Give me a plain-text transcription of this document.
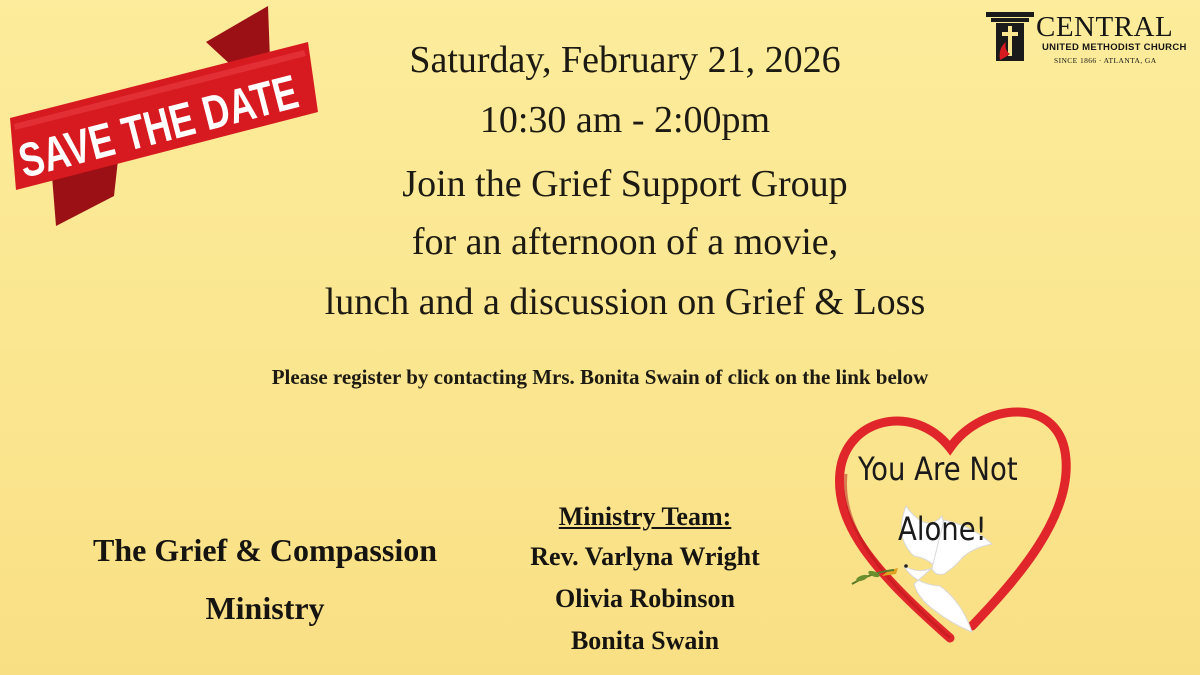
SAVE THE DATE
CENTRAL
UNITED METHODIST CHURCH
SINCE 1866 · ATLANTA, GA
Saturday, February 21, 2026
10:30 am - 2:00pm
Join the Grief Support Group
for an afternoon of a movie,
lunch and a discussion on Grief & Loss
Please register by contacting Mrs. Bonita Swain of click on the link below
The Grief & Compassion
Ministry
Ministry Team:
Rev. Varlyna Wright
Olivia Robinson
Bonita Swain
You Are Not
Alone!
